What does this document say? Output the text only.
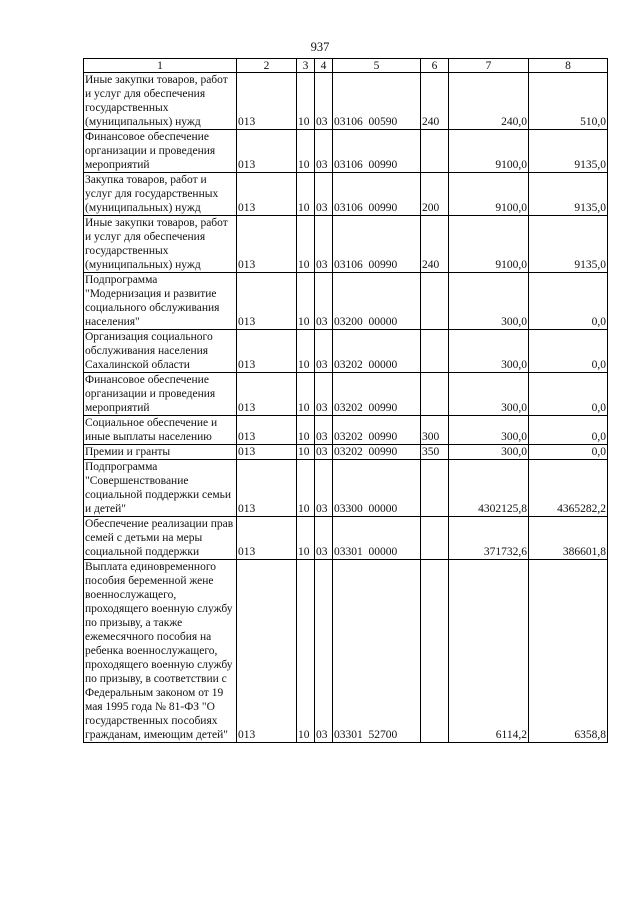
937
1	2	3	4	5	6	7	8
Иные закупки товаров, работ и услуг для обеспечения государственных (муниципальных) нужд	013	10	03	03106  00590	240	240,0	510,0
Финансовое обеспечение организации и проведения мероприятий	013	10	03	03106  00990		9100,0	9135,0
Закупка товаров, работ и услуг для государственных (муниципальных) нужд	013	10	03	03106  00990	200	9100,0	9135,0
Иные закупки товаров, работ и услуг для обеспечения государственных (муниципальных) нужд	013	10	03	03106  00990	240	9100,0	9135,0
Подпрограмма "Модернизация и развитие социального обслуживания населения"	013	10	03	03200  00000		300,0	0,0
Организация социального обслуживания населения Сахалинской области	013	10	03	03202  00000		300,0	0,0
Финансовое обеспечение организации и проведения мероприятий	013	10	03	03202  00990		300,0	0,0
Социальное обеспечение и иные выплаты населению	013	10	03	03202  00990	300	300,0	0,0
Премии и гранты	013	10	03	03202  00990	350	300,0	0,0
Подпрограмма "Совершенствование социальной поддержки семьи и детей"	013	10	03	03300  00000		4302125,8	4365282,2
Обеспечение реализации прав семей с детьми на меры социальной поддержки	013	10	03	03301  00000		371732,6	386601,8
Выплата единовременного пособия беременной жене военнослужащего, проходящего военную службу по призыву, а также ежемесячного пособия на ребенка военнослужащего, проходящего военную службу по призыву, в соответствии с Федеральным законом от 19 мая 1995 года № 81-ФЗ "О государственных пособиях гражданам, имеющим детей"	013	10	03	03301  52700		6114,2	6358,8
